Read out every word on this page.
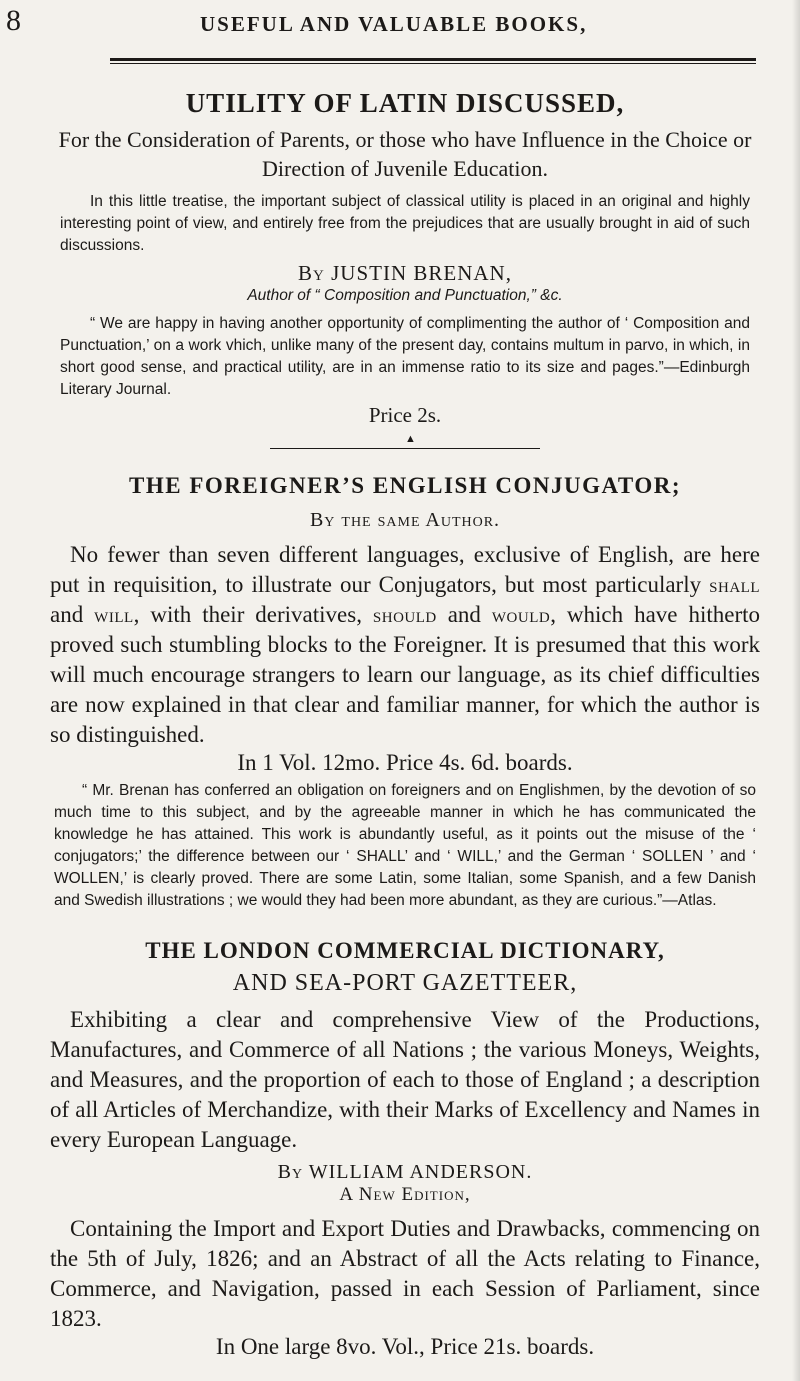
8	USEFUL AND VALUABLE BOOKS,
UTILITY OF LATIN DISCUSSED,
For the Consideration of Parents, or those who have Influence in the Choice or Direction of Juvenile Education.

In this little treatise, the important subject of classical utility is placed in an original and highly interesting point of view, and entirely free from the prejudices that are usually brought in aid of such discussions.

By JUSTIN BRENAN,
Author of “ Composition and Punctuation,” &c.

“ We are happy in having another opportunity of complimenting the author of ‘ Composition and Punctuation,’ on a work vhich, unlike many of the present day, contains multum in parvo, in which, in short good sense, and practical utility, are in an immense ratio to its size and pages.”—Edinburgh Literary Journal.

Price 2s.
▲
THE FOREIGNER’S ENGLISH CONJUGATOR;
By the same Author.

No fewer than seven different languages, exclusive of English, are here put in requisition, to illustrate our Conjugators, but most particularly shall and will, with their derivatives, should and would, which have hitherto proved such stumbling blocks to the Foreigner. It is presumed that this work will much encourage strangers to learn our language, as its chief difficulties are now explained in that clear and familiar manner, for which the author is so distinguished.

In 1 Vol. 12mo. Price 4s. 6d. boards.

“ Mr. Brenan has conferred an obligation on foreigners and on Englishmen, by the devotion of so much time to this subject, and by the agreeable manner in which he has communicated the knowledge he has attained. This work is abundantly useful, as it points out the misuse of the ‘ conjugators;’ the difference between our ‘ SHALL’ and ‘ WILL,’ and the German ‘ SOLLEN ’ and ‘ WOLLEN,’ is clearly proved. There are some Latin, some Italian, some Spanish, and a few Danish and Swedish illustrations ; we would they had been more abundant, as they are curious.”—Atlas.

THE LONDON COMMERCIAL DICTIONARY,
AND SEA-PORT GAZETTEER,

Exhibiting a clear and comprehensive View of the Productions, Manufactures, and Commerce of all Nations ; the various Moneys, Weights, and Measures, and the proportion of each to those of England ; a description of all Articles of Merchandize, with their Marks of Excellency and Names in every European Language.

By WILLIAM ANDERSON.
A New Edition,

Containing the Import and Export Duties and Drawbacks, commencing on the 5th of July, 1826; and an Abstract of all the Acts relating to Finance, Commerce, and Navigation, passed in each Session of Parliament, since 1823.

In One large 8vo. Vol., Price 21s. boards.
